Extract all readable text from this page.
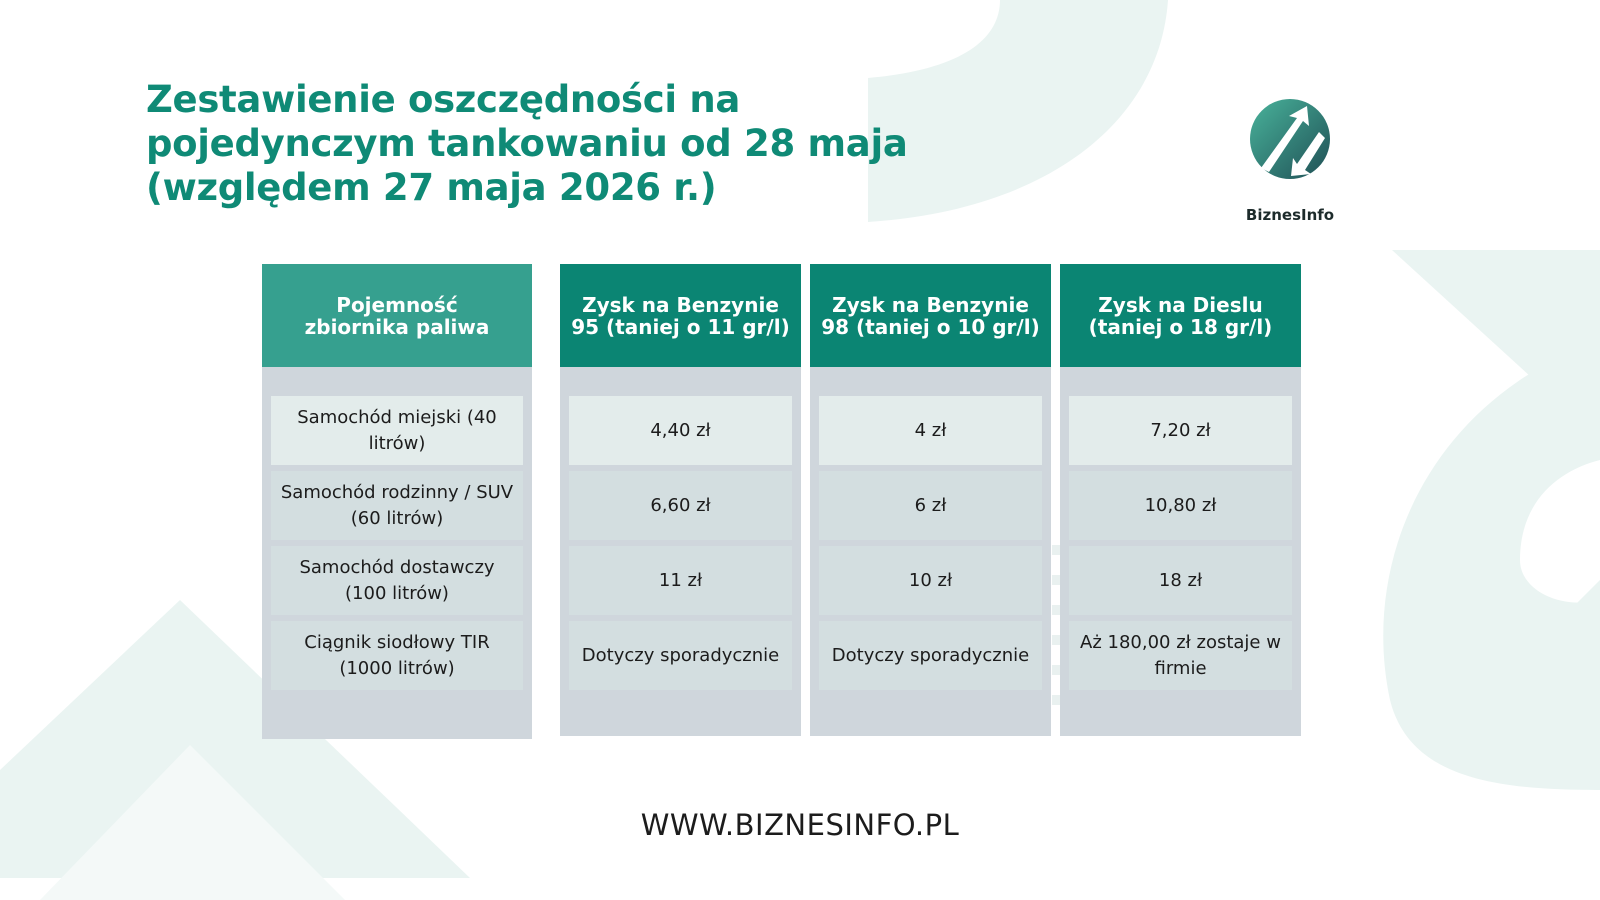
Zestawienie oszczędności na
pojedynczym tankowaniu od 28 maja
(względem 27 maja 2026 r.)
BiznesInfo
Pojemność
zbiornika paliwa
Samochód miejski (40 litrów)
Samochód rodzinny / SUV (60 litrów)
Samochód dostawczy (100 litrów)
Ciągnik siodłowy TIR (1000 litrów)
Zysk na Benzynie
95 (taniej o 11 gr/l)
4,40 zł
6,60 zł
11 zł
Dotyczy sporadycznie
Zysk na Benzynie
98 (taniej o 10 gr/l)
4 zł
6 zł
10 zł
Dotyczy sporadycznie
Zysk na Dieslu
(taniej o 18 gr/l)
7,20 zł
10,80 zł
18 zł
Aż 180,00 zł zostaje w firmie
WWW.BIZNESINFO.PL
